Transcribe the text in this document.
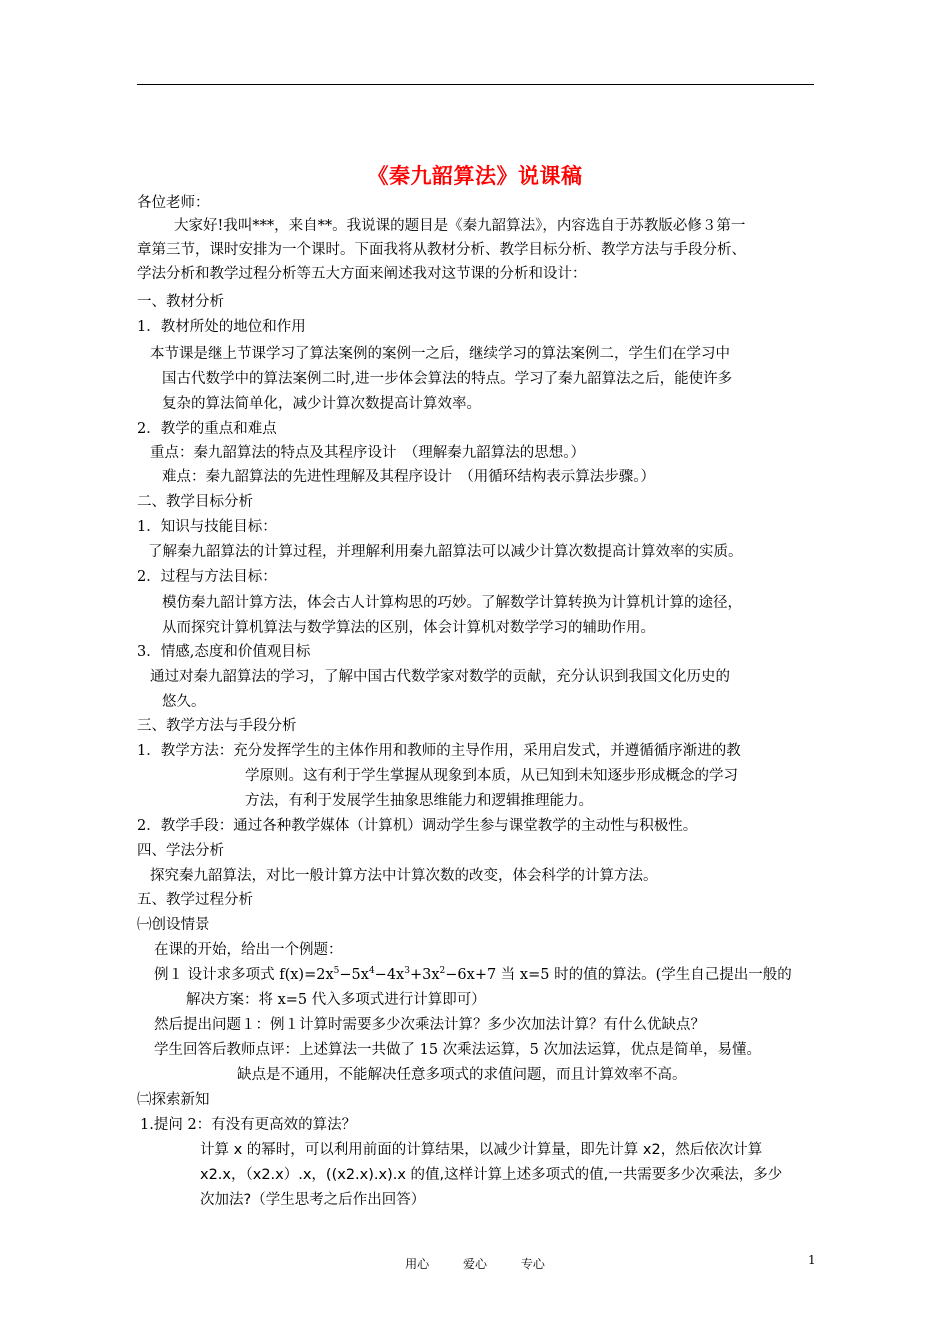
《秦九韶算法》说课稿
各位老师：
大家好!我叫***，来自**。我说课的题目是《秦九韶算法》，内容选自于苏教版必修３第一
章第三节，课时安排为一个课时。下面我将从教材分析、教学目标分析、教学方法与手段分析、
学法分析和教学过程分析等五大方面来阐述我对这节课的分析和设计：
一、教材分析
1．教材所处的地位和作用
本节课是继上节课学习了算法案例的案例一之后，继续学习的算法案例二，学生们在学习中
国古代数学中的算法案例二时,进一步体会算法的特点。学习了秦九韶算法之后，能使许多
复杂的算法简单化，减少计算次数提高计算效率。
2．教学的重点和难点
重点：秦九韶算法的特点及其程序设计　（理解秦九韶算法的思想。）
难点：秦九韶算法的先进性理解及其程序设计　（用循环结构表示算法步骤。）
二、教学目标分析
1．知识与技能目标：
了解秦九韶算法的计算过程，并理解利用秦九韶算法可以减少计算次数提高计算效率的实质。
2．过程与方法目标：
模仿秦九韶计算方法，体会古人计算构思的巧妙。了解数学计算转换为计算机计算的途径，
从而探究计算机算法与数学算法的区别，体会计算机对数学学习的辅助作用。
3．情感,态度和价值观目标
通过对秦九韶算法的学习，了解中国古代数学家对数学的贡献，充分认识到我国文化历史的
悠久。
三、教学方法与手段分析
1．教学方法：充分发挥学生的主体作用和教师的主导作用，采用启发式，并遵循循序渐进的教
学原则。这有利于学生掌握从现象到本质，从已知到未知逐步形成概念的学习
方法，有利于发展学生抽象思维能力和逻辑推理能力。
2．教学手段：通过各种教学媒体（计算机）调动学生参与课堂教学的主动性与积极性。
四、学法分析
探究秦九韶算法，对比一般计算方法中计算次数的改变，体会科学的计算方法。
五、教学过程分析
㈠创设情景
在课的开始，给出一个例题：
例１ 设计求多项式 $f(x)=2x^5-5x^4-4x^3+3x^2-6x+7$ 当 x=5 时的值的算法。(学生自己提出一般的
解决方案：将 x=5 代入多项式进行计算即可）
然后提出问题１：例１计算时需要多少次乘法计算？多少次加法计算？有什么优缺点？
学生回答后教师点评：上述算法一共做了 15 次乘法运算，5 次加法运算，优点是简单，易懂。
缺点是不通用，不能解决任意多项式的求值问题，而且计算效率不高。
㈡探索新知
1.提问 2：有没有更高效的算法？
计算 x 的幂时，可以利用前面的计算结果，以减少计算量，即先计算 x2，然后依次计算
x2.x，（x2.x）.x，((x2.x).x).x 的值,这样计算上述多项式的值,一共需要多少次乘法，多少
次加法?（学生思考之后作出回答）
用心	爱心	专心	1
